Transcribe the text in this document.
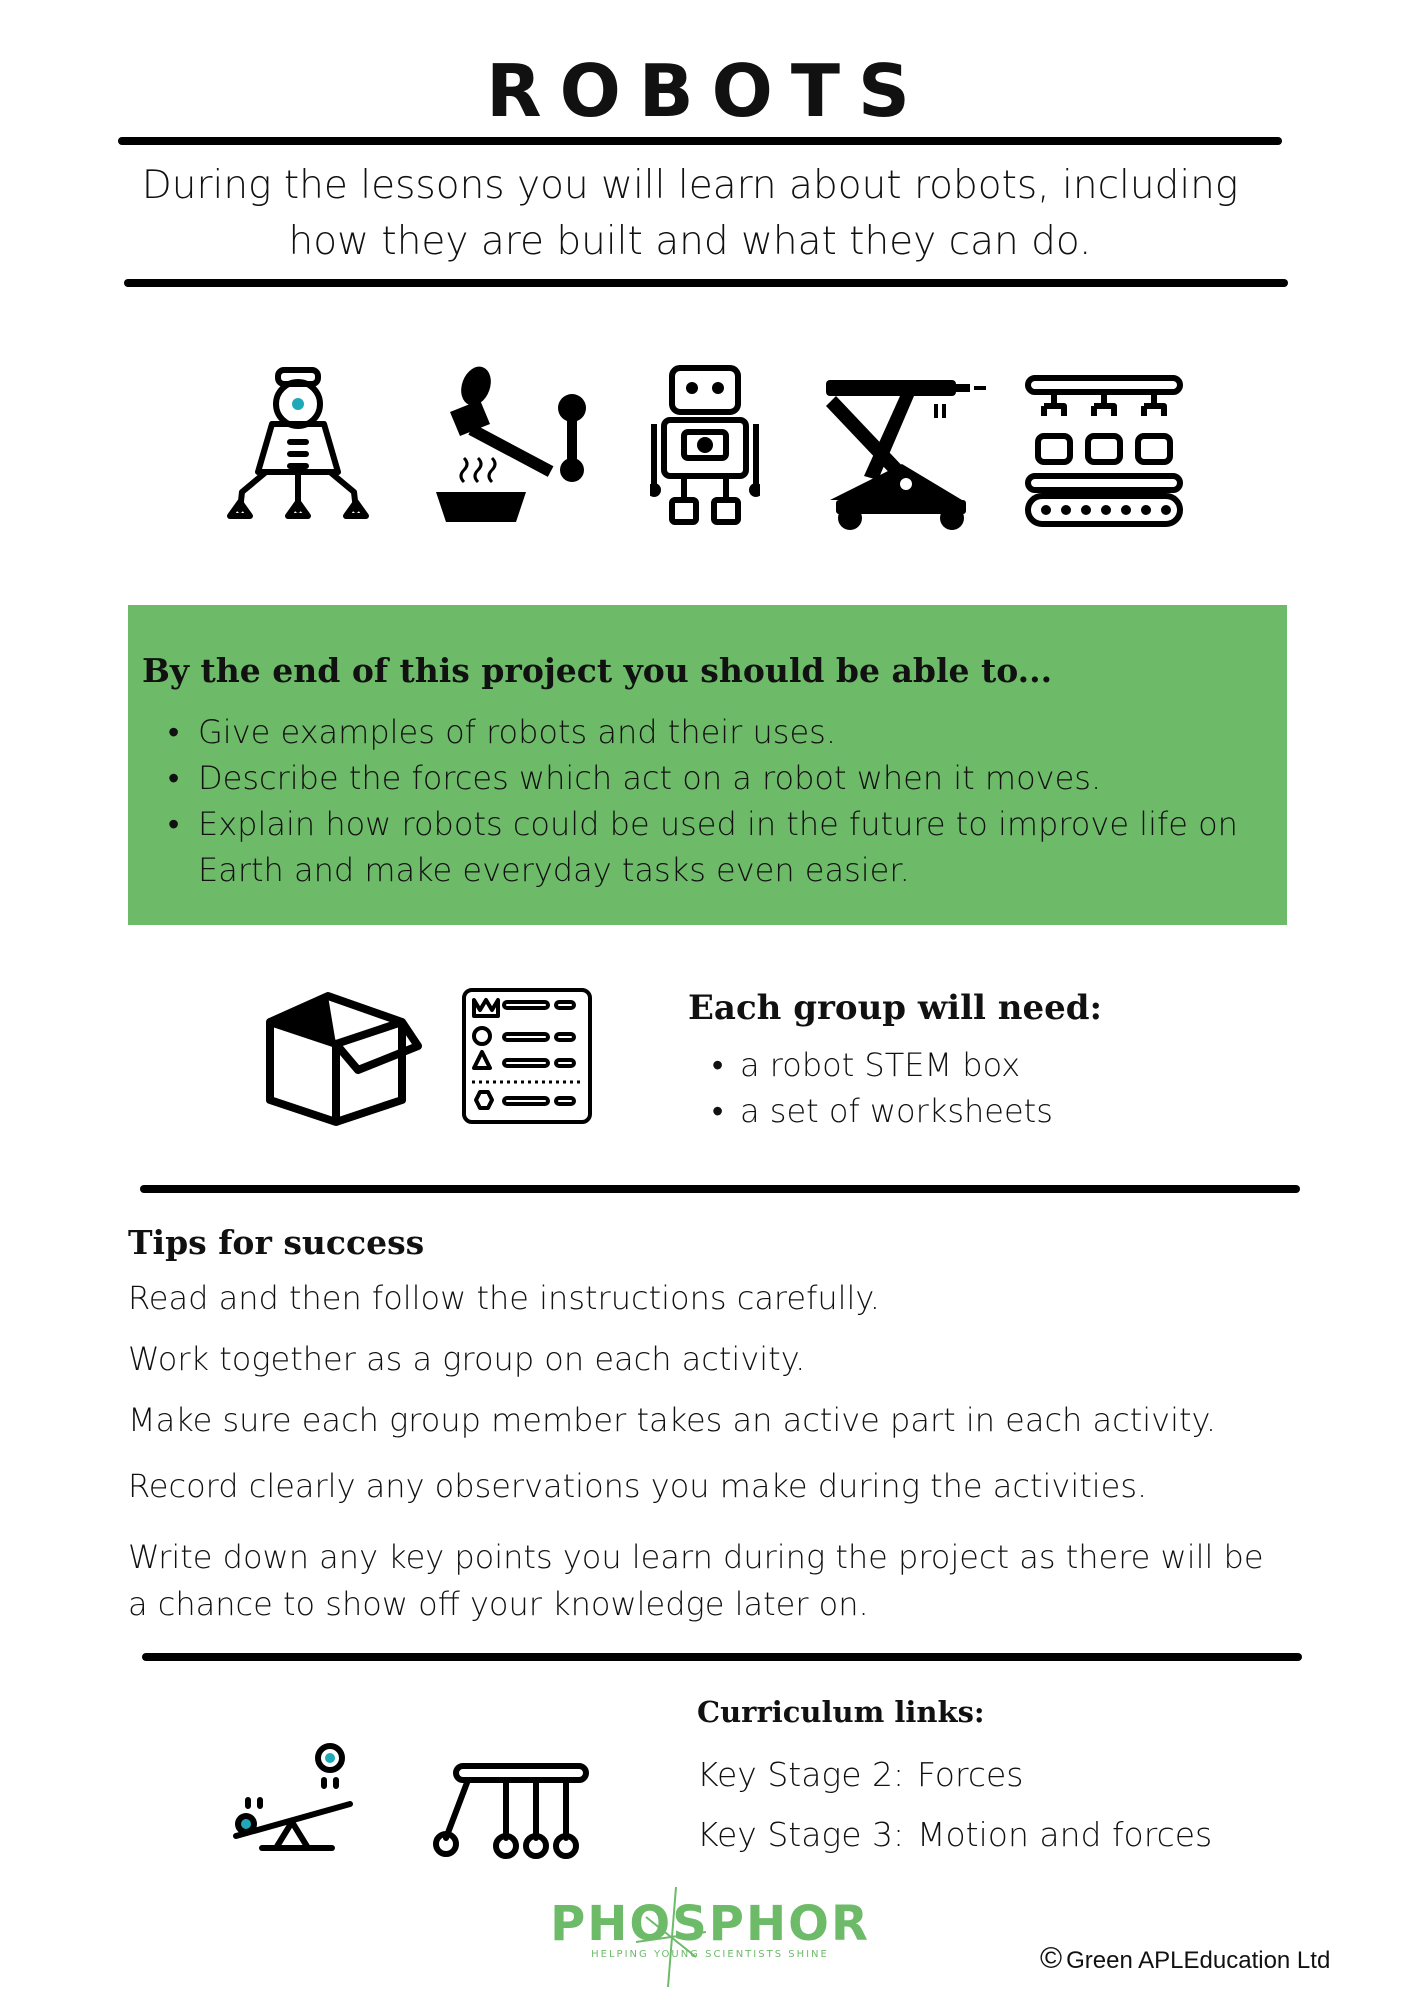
ROBOTS
During the lessons you will learn about robots, including
how they are built and what they can do.
By the end of this project you should be able to...
• Give examples of robots and their uses.
• Describe the forces which act on a robot when it moves.
• Explain how robots could be used in the future to improve life on
Earth and make everyday tasks even easier.
Each group will need:
• a robot STEM box
• a set of worksheets
Tips for success

Read and then follow the instructions carefully.

Work together as a group on each activity.

Make sure each group member takes an active part in each activity.

Record clearly any observations you make during the activities.

Write down any key points you learn during the project as there will be

a chance to show off your knowledge later on.

Curriculum links:
Key Stage 2: Forces
Key Stage 3: Motion and forces
PHOSPHOR
HELPING YOUNG SCIENTISTS SHINE	© Green APLEducation Ltd
